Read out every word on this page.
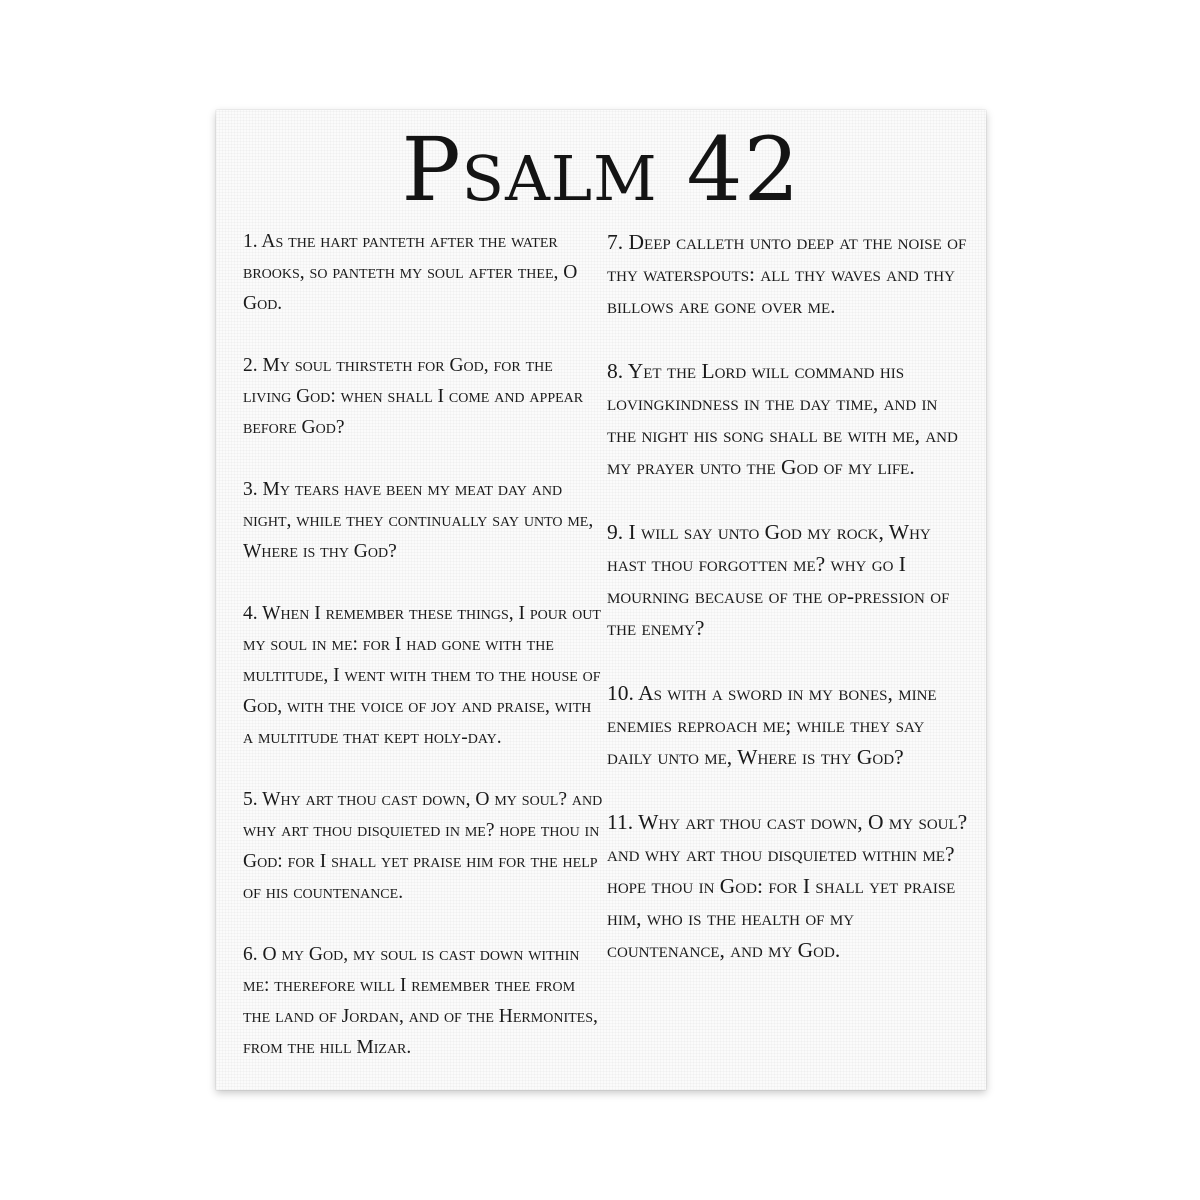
Psalm 42

1. As the hart panteth after the water brooks, so panteth my soul after thee, O God.

2. My soul thirsteth for God, for the living God: when shall I come and appear before God?

3. My tears have been my meat day and night, while they continually say unto me, Where is thy God?

4. When I remember these things, I pour out my soul in me: for I had gone with the multitude, I went with them to the house of God, with the voice of joy and praise, with a multitude that kept holy-day.

5. Why art thou cast down, O my soul? and why art thou disquieted in me? hope thou in God: for I shall yet praise him for the help of his countenance.

6. O my God, my soul is cast down within me: therefore will I remember thee from the land of Jordan, and of the Hermonites, from the hill Mizar.

7. Deep calleth unto deep at the noise of thy waterspouts: all thy waves and thy billows are gone over me.

8. Yet the Lord will command his lovingkindness in the day time, and in the night his song shall be with me, and my prayer unto the God of my life.

9. I will say unto God my rock, Why hast thou forgotten me? why go I mourning because of the op-pression of the enemy?

10. As with a sword in my bones, mine enemies reproach me; while they say daily unto me, Where is thy God?

11. Why art thou cast down, O my soul? and why art thou disquieted within me? hope thou in God: for I shall yet praise him, who is the health of my countenance, and my God.
